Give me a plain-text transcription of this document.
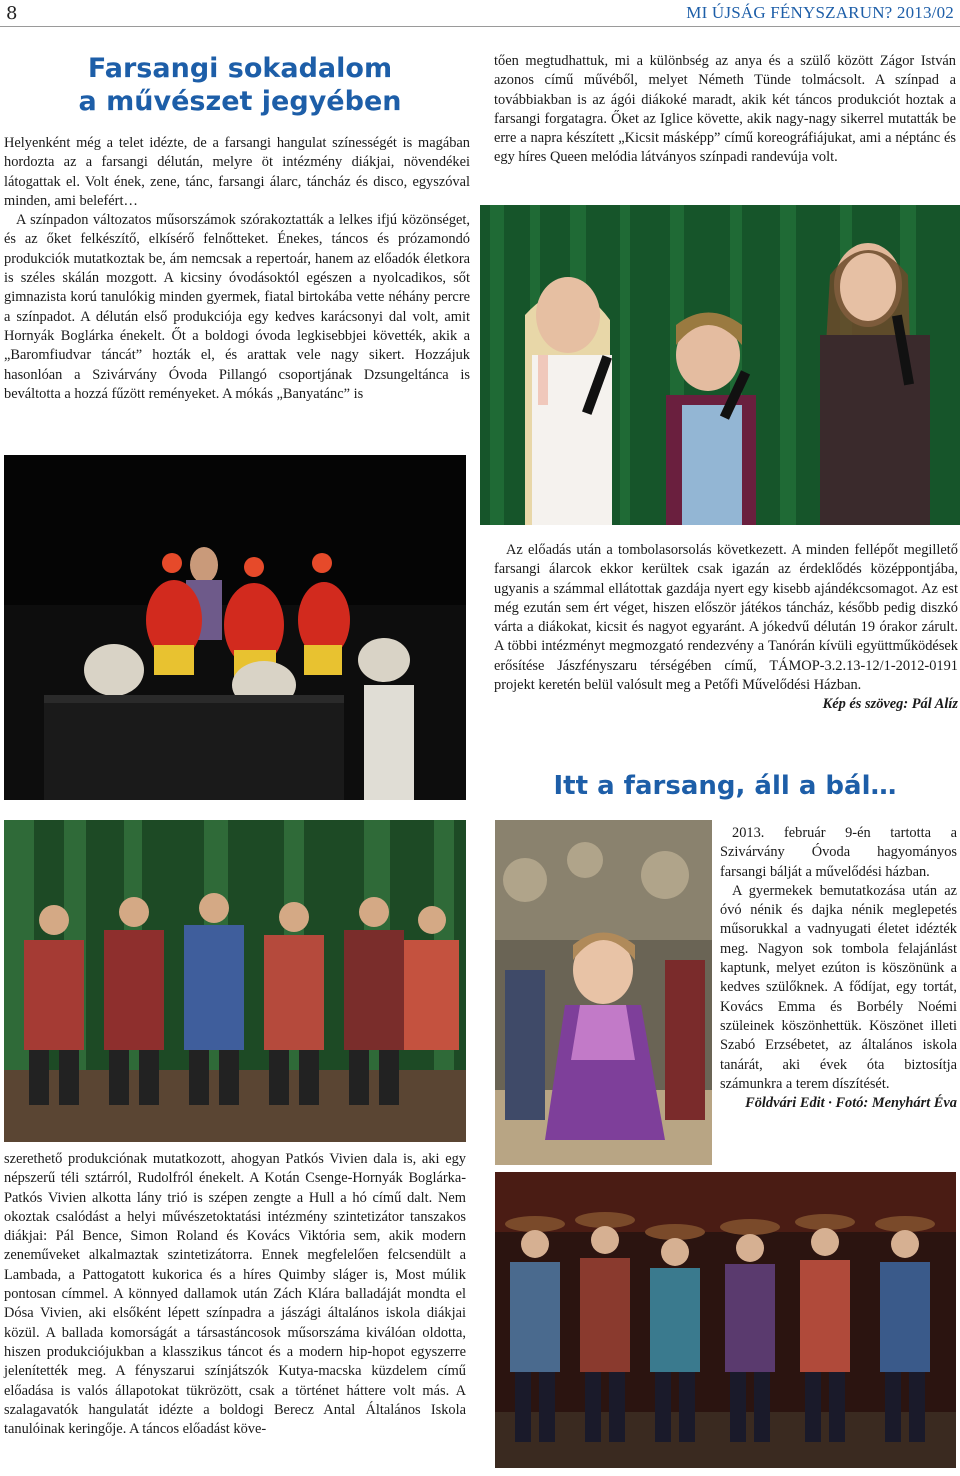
8	MI ÚJSÁG FÉNYSZARUN? 2013/02
Farsangi sokadalom
a művészet jegyében

Helyenként még a telet idézte, de a farsangi hangulat színességét is magában hordozta az a farsangi délután, melyre öt intézmény diákjai, növendékei látogattak el. Volt ének, zene, tánc, farsangi álarc, táncház és disco, egyszóval minden, ami belefért…

A színpadon változatos műsorszámok szórakoztatták a lelkes ifjú közönséget, és az őket felkészítő, elkísérő felnőtteket. Énekes, táncos és prózamondó produkciók mutatkoztak be, ám nemcsak a repertoár, hanem az előadók életkora is széles skálán mozgott. A kicsiny óvodásoktól egészen a nyolcadikos, sőt gimnazista korú tanulókig minden gyermek, fiatal birtokába vette néhány percre a színpadot. A délután első produkciója egy kedves karácsonyi dal volt, amit Hornyák Boglárka énekelt. Őt a boldogi óvoda legkisebbjei követték, akik a „Baromfiudvar táncát” hozták el, és arattak vele nagy sikert. Hozzájuk hasonlóan a Szivárvány Óvoda Pillangó csoportjának Dzsungeltánca is beváltotta a hozzá fűzött reményeket. A mókás „Banyatánc” is

szerethető produkciónak mutatkozott, ahogyan Patkós Vivien dala is, aki egy népszerű téli sztárról, Rudolfról énekelt. A Kotán Csenge-Hornyák Boglárka-Patkós Vivien alkotta lány trió is szépen zengte a Hull a hó című dalt. Nem okoztak csalódást a helyi művészetoktatási intézmény szintetizátor tanszakos diákjai: Pál Bence, Simon Roland és Kovács Viktória sem, akik modern zeneműveket alkalmaztak szintetizátorra. Ennek megfelelően felcsendült a Lambada, a Pattogatott kukorica és a híres Quimby sláger is, Most múlik pontosan címmel. A könnyed dallamok után Zách Klára balladáját mondta el Dósa Vivien, aki elsőként lépett színpadra a jászági általános iskola diákjai közül. A ballada komorságát a társastáncosok műsorszáma kiválóan oldotta, hiszen produkciójukban a klasszikus táncot és a modern hip-hopot egyszerre jelenítették meg. A fényszarui színjátszók Kutya-macska küzdelem című előadása is valós állapotokat tükrözött, csak a történet háttere volt más. A szalagavatók hangulatát idézte a boldogi Berecz Antal Általános Iskola tanulóinak keringője. A táncos előadást köve-

tően megtudhattuk, mi a különbség az anya és a szülő között Zágor István azonos című művéből, melyet Németh Tünde tolmácsolt. A színpad a továbbiakban is az ágói diákoké maradt, akik két táncos produkciót hoztak a farsangi forgatagra. Őket az Iglice követte, akik nagy-nagy sikerrel mutatták be erre a napra készített „Kicsit másképp” című koreográfiájukat, ami a néptánc és egy híres Queen melódia látványos színpadi randevúja volt.

Az előadás után a tombolasorsolás következett. A minden fellépőt megillető farsangi álarcok ekkor kerültek csak igazán az érdeklődés középpontjába, ugyanis a számmal ellátottak gazdája nyert egy kisebb ajándékcsomagot. Az est még ezután sem ért véget, hiszen először játékos táncház, később pedig diszkó várta a diákokat, kicsit és nagyot egyaránt. A jókedvű délután 19 órakor zárult. A többi intézményt megmozgató rendezvény a Tanórán kívüli együttműködések erősítése Jászfényszaru térségében című, TÁMOP-3.2.13-12/1-2012-0191 projekt keretén belül valósult meg a Petőfi Művelődési Házban.

Kép és szöveg: Pál Alíz

Itt a farsang, áll a bál…

2013. február 9-én tartotta a Szivárvány Óvoda hagyományos farsangi bálját a művelődési házban.

A gyermekek bemutatkozása után az óvó nénik és dajka nénik meglepetés műsorukkal a vadnyugati életet idézték meg. Nagyon sok tombola felajánlást kaptunk, melyet ezúton is köszönünk a kedves szülőknek. A fődíjat, egy tortát, Kovács Emma és Borbély Noémi szüleinek köszönhettük. Köszönet illeti Szabó Erzsébetet, az általános iskola tanárát, aki évek óta biztosítja számunkra a terem díszítését.

Földvári Edit · Fotó: Menyhárt Éva
